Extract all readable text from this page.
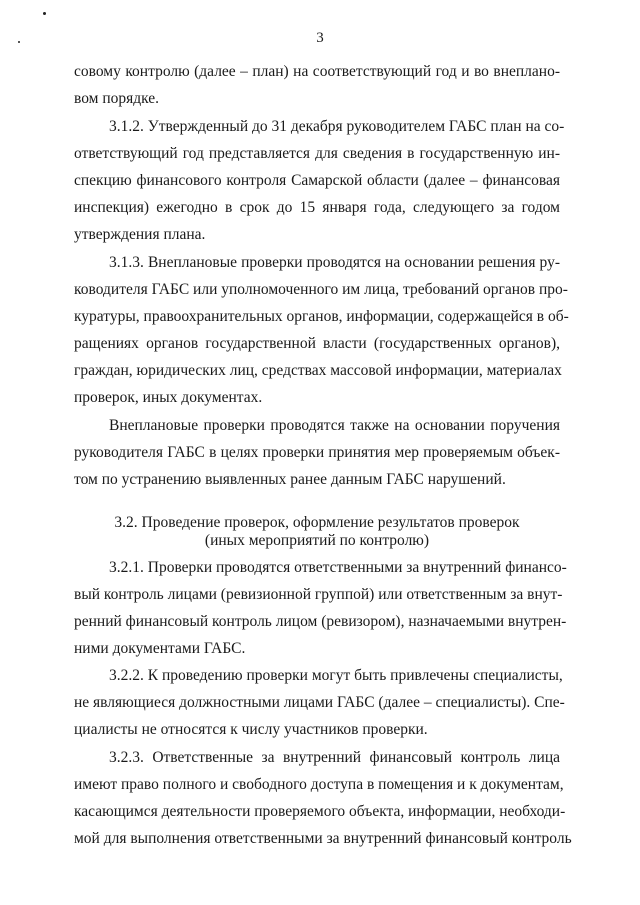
3
совому контролю (далее – план) на соответствующий год и во внеплано-
вом порядке.
3.1.2. Утвержденный до 31 декабря руководителем ГАБС план на со-
ответствующий год представляется для сведения в государственную ин-
спекцию финансового контроля Самарской области (далее – финансовая
инспекция) ежегодно в срок до 15 января года, следующего за годом
утверждения плана.
3.1.3. Внеплановые проверки проводятся на основании решения ру-
ководителя ГАБС или уполномоченного им лица, требований органов про-
куратуры, правоохранительных органов, информации, содержащейся в об-
ращениях органов государственной власти (государственных органов),
граждан, юридических лиц, средствах массовой информации, материалах
проверок, иных документах.
Внеплановые проверки проводятся также на основании поручения
руководителя ГАБС в целях проверки принятия мер проверяемым объек-
том по устранению выявленных ранее данным ГАБС нарушений.
3.2. Проведение проверок, оформление результатов проверок
(иных мероприятий по контролю)
3.2.1. Проверки проводятся ответственными за внутренний финансо-
вый контроль лицами (ревизионной группой) или ответственным за внут-
ренний финансовый контроль лицом (ревизором), назначаемыми внутрен-
ними документами ГАБС.
3.2.2. К проведению проверки могут быть привлечены специалисты,
не являющиеся должностными лицами ГАБС (далее – специалисты). Спе-
циалисты не относятся к числу участников проверки.
3.2.3. Ответственные за внутренний финансовый контроль лица
имеют право полного и свободного доступа в помещения и к документам,
касающимся деятельности проверяемого объекта, информации, необходи-
мой для выполнения ответственными за внутренний финансовый контроль
